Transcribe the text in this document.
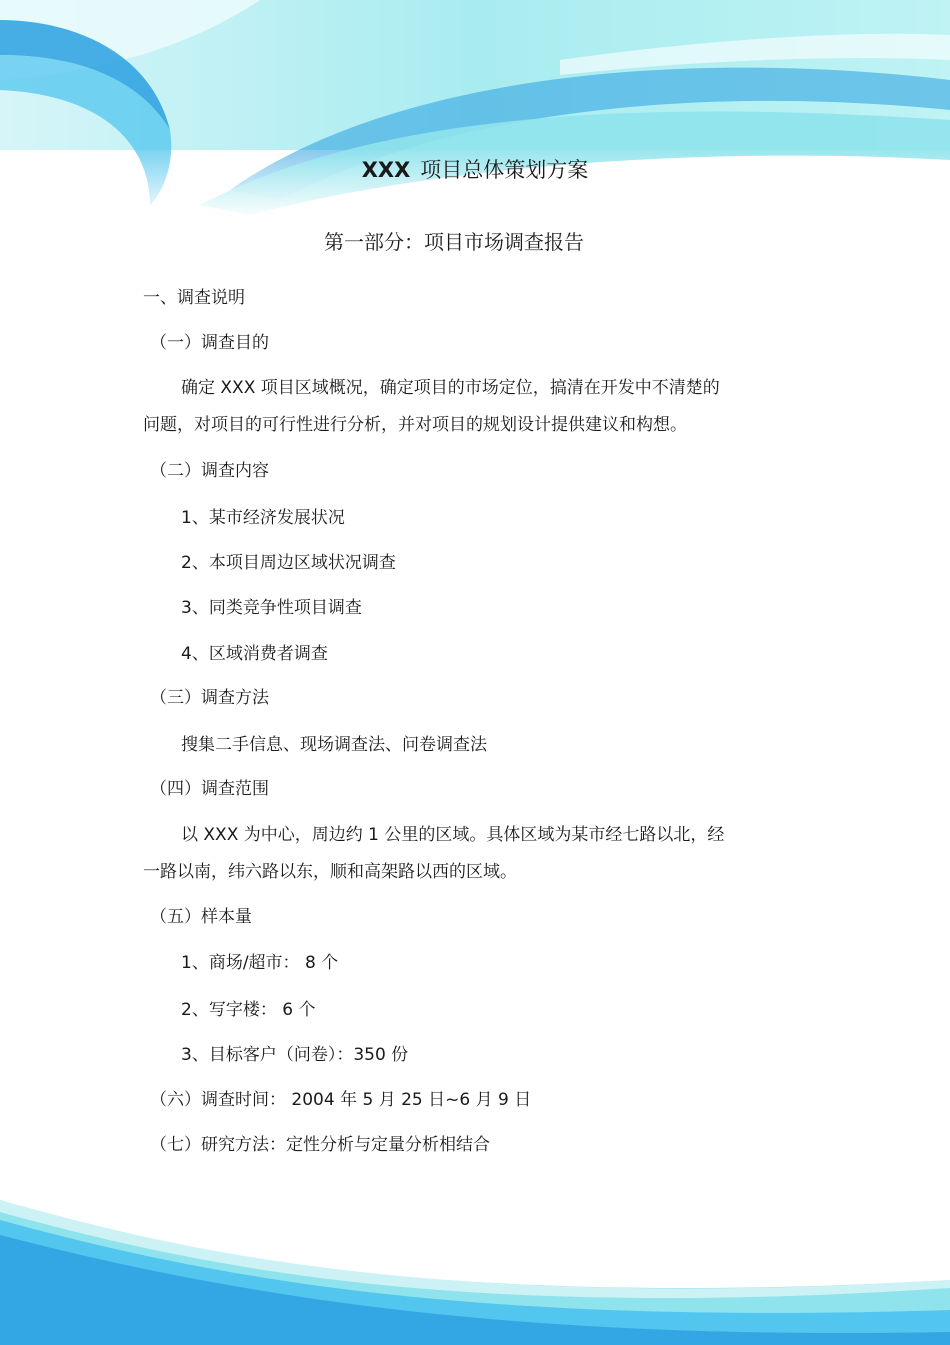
XXX 项目总体策划方案
第一部分：项目市场调查报告
一、调查说明
（一）调查目的
确定 XXX 项目区域概况，确定项目的市场定位，搞清在开发中不清楚的
问题，对项目的可行性进行分析，并对项目的规划设计提供建议和构想。
（二）调查内容
1、某市经济发展状况
2、本项目周边区域状况调查
3、同类竞争性项目调查
4、区域消费者调查
（三）调查方法
搜集二手信息、现场调查法、问卷调查法
（四）调查范围
以 XXX 为中心，周边约 1 公里的区域。具体区域为某市经七路以北，经
一路以南，纬六路以东，顺和高架路以西的区域。
（五）样本量
1、商场/超市： 8 个
2、写字楼： 6 个
3、目标客户（问卷）：350 份
（六）调查时间： 2004 年 5 月 25 日~6 月 9 日
（七）研究方法：定性分析与定量分析相结合
